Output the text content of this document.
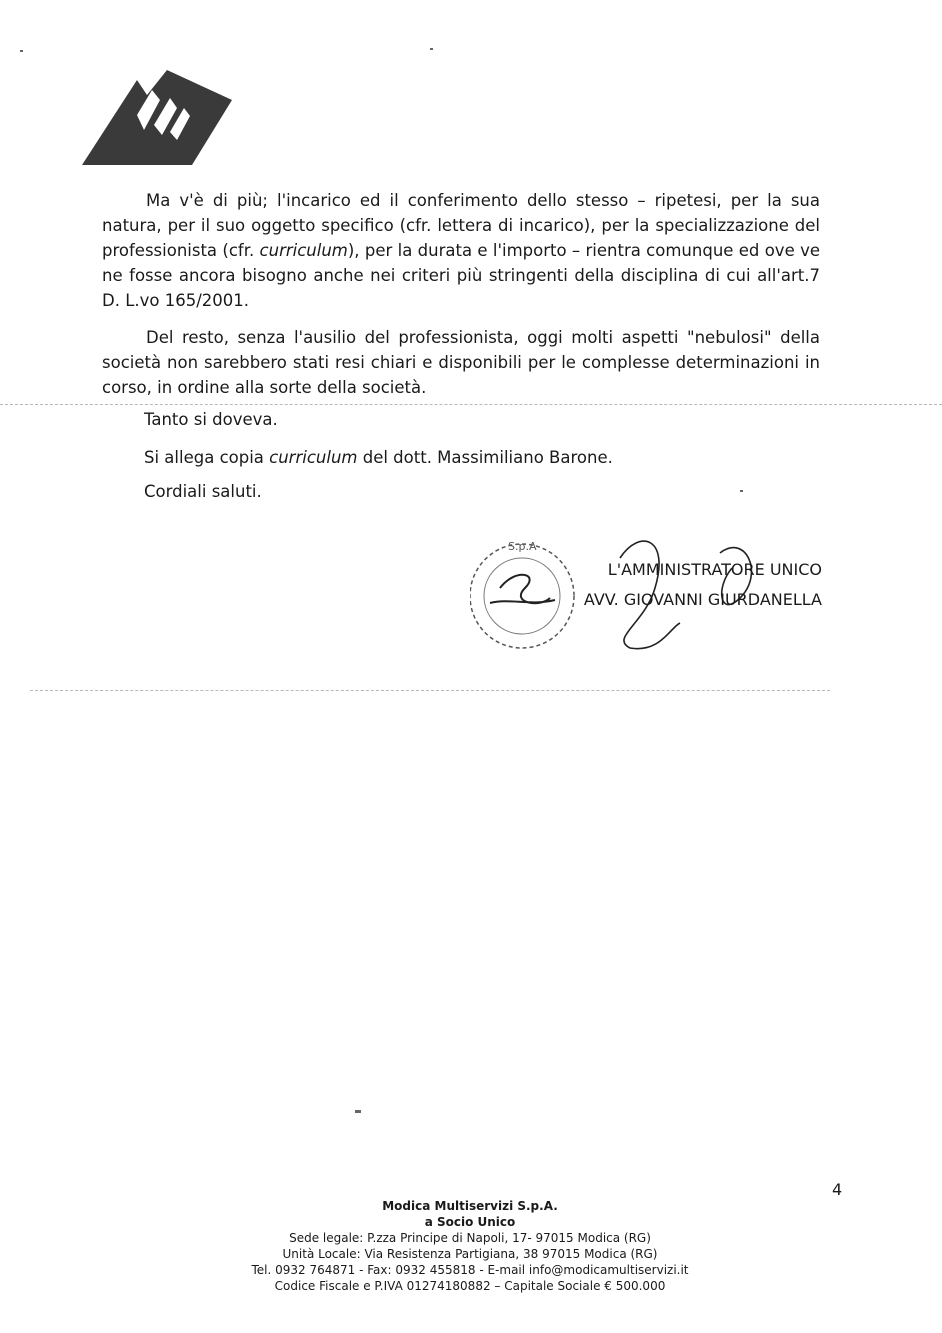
Ma v'è di più; l'incarico ed il conferimento dello stesso – ripetesi, per la sua natura, per il suo oggetto specifico (cfr. lettera di incarico), per la specializzazione del professionista (cfr. curriculum), per la durata e l'importo – rientra comunque ed ove ve ne fosse ancora bisogno anche nei criteri più stringenti della disciplina di cui all'art.7 D. L.vo 165/2001.
Del resto, senza l'ausilio del professionista, oggi molti aspetti "nebulosi" della società non sarebbero stati resi chiari e disponibili per le complesse determinazioni in corso, in ordine alla sorte della società.
Tanto si doveva.
Si allega copia curriculum del dott. Massimiliano Barone.
Cordiali saluti.
S.p.A
L'AMMINISTRATORE UNICO
AVV. GIOVANNI GIURDANELLA
4
Modica Multiservizi S.p.A.
a Socio Unico
Sede legale: P.zza Principe di Napoli, 17- 97015 Modica (RG)
Unità Locale: Via Resistenza Partigiana, 38 97015 Modica (RG)
Tel. 0932 764871 - Fax: 0932 455818 - E-mail info@modicamultiservizi.it
Codice Fiscale e P.IVA 01274180882 – Capitale Sociale € 500.000
